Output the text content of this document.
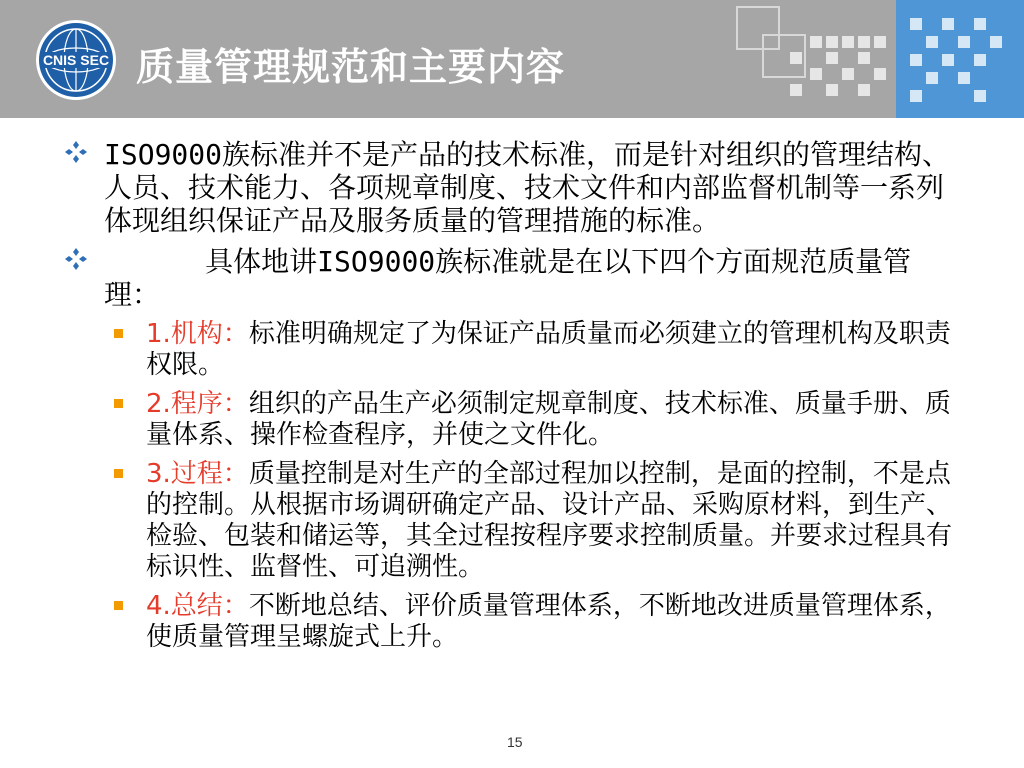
CNIS SEC 质量管理规范和主要内容
ISO9000族标准并不是产品的技术标准，而是针对组织的管理结构、人员、技术能力、各项规章制度、技术文件和内部监督机制等一系列体现组织保证产品及服务质量的管理措施的标准。
具体地讲ISO9000族标准就是在以下四个方面规范质量管理：
1.机构：标准明确规定了为保证产品质量而必须建立的管理机构及职责权限。
2.程序：组织的产品生产必须制定规章制度、技术标准、质量手册、质量体系、操作检查程序，并使之文件化。
3.过程：质量控制是对生产的全部过程加以控制，是面的控制，不是点的控制。从根据市场调研确定产品、设计产品、采购原材料，到生产、检验、包装和储运等，其全过程按程序要求控制质量。并要求过程具有标识性、监督性、可追溯性。
4.总结：不断地总结、评价质量管理体系，不断地改进质量管理体系，使质量管理呈螺旋式上升。
15
